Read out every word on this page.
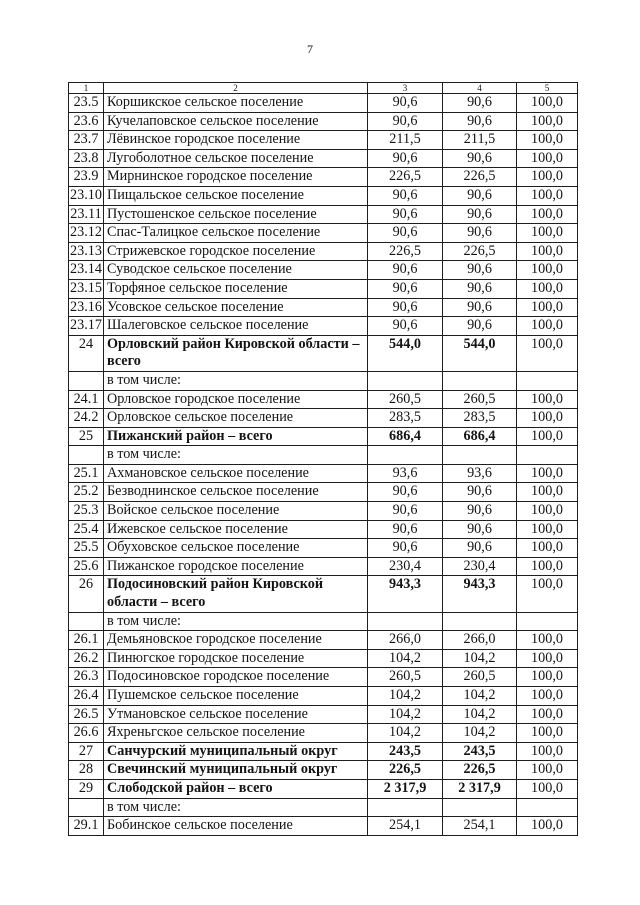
7
1	2	3	4	5
23.5	Коршикское сельское поселение	90,6	90,6	100,0
23.6	Кучелаповское сельское поселение	90,6	90,6	100,0
23.7	Лёвинское городское поселение	211,5	211,5	100,0
23.8	Лугоболотное сельское поселение	90,6	90,6	100,0
23.9	Мирнинское городское поселение	226,5	226,5	100,0
23.10	Пищальское сельское поселение	90,6	90,6	100,0
23.11	Пустошенское сельское поселение	90,6	90,6	100,0
23.12	Спас-Талицкое сельское поселение	90,6	90,6	100,0
23.13	Стрижевское городское поселение	226,5	226,5	100,0
23.14	Суводское сельское поселение	90,6	90,6	100,0
23.15	Торфяное сельское поселение	90,6	90,6	100,0
23.16	Усовское сельское поселение	90,6	90,6	100,0
23.17	Шалеговское сельское поселение	90,6	90,6	100,0
24	Орловский район Кировской области – всего	544,0	544,0	100,0
	в том числе:			
24.1	Орловское городское поселение	260,5	260,5	100,0
24.2	Орловское сельское поселение	283,5	283,5	100,0
25	Пижанский район – всего	686,4	686,4	100,0
	в том числе:			
25.1	Ахмановское сельское поселение	93,6	93,6	100,0
25.2	Безводнинское сельское поселение	90,6	90,6	100,0
25.3	Войское сельское поселение	90,6	90,6	100,0
25.4	Ижевское сельское поселение	90,6	90,6	100,0
25.5	Обуховское сельское поселение	90,6	90,6	100,0
25.6	Пижанское городское поселение	230,4	230,4	100,0
26	Подосиновский район Кировской области – всего	943,3	943,3	100,0
	в том числе:			
26.1	Демьяновское городское поселение	266,0	266,0	100,0
26.2	Пинюгское городское поселение	104,2	104,2	100,0
26.3	Подосиновское городское поселение	260,5	260,5	100,0
26.4	Пушемское сельское поселение	104,2	104,2	100,0
26.5	Утмановское сельское поселение	104,2	104,2	100,0
26.6	Яхреньгское сельское поселение	104,2	104,2	100,0
27	Санчурский муниципальный округ	243,5	243,5	100,0
28	Свечинский муниципальный округ	226,5	226,5	100,0
29	Слободской район – всего	2 317,9	2 317,9	100,0
	в том числе:			
29.1	Бобинское сельское поселение	254,1	254,1	100,0
